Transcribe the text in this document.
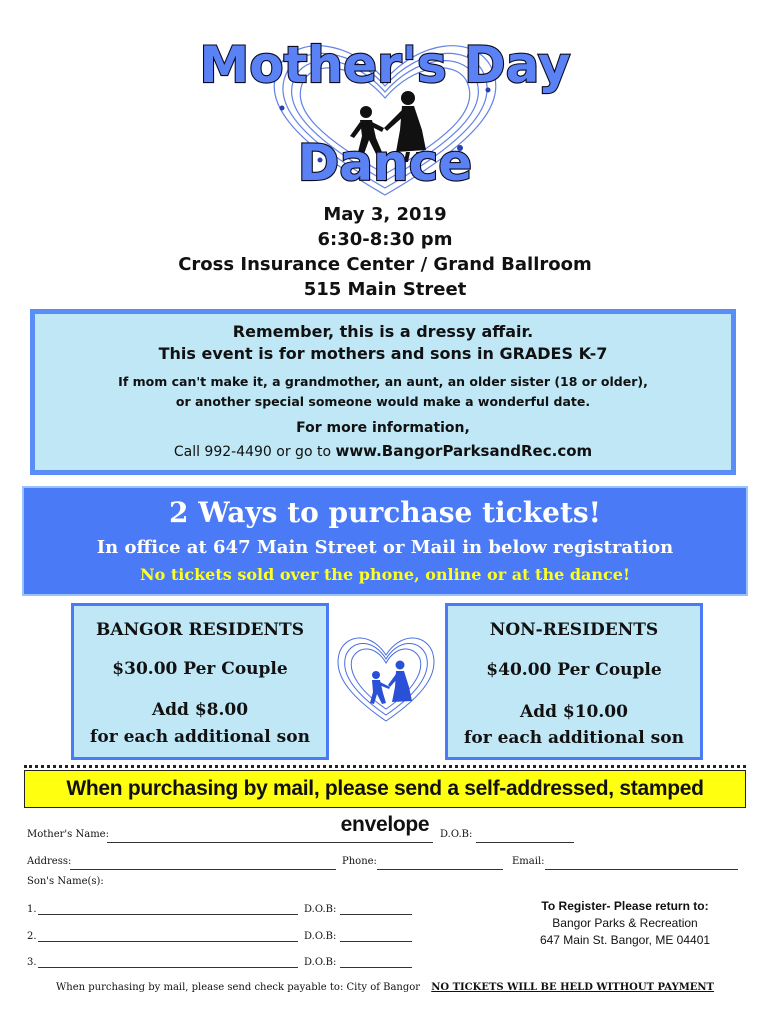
Mother's Day
Dance
May 3, 2019
6:30-8:30 pm
Cross Insurance Center / Grand Ballroom
515 Main Street
Remember, this is a dressy affair.
This event is for mothers and sons in GRADES K-7
If mom can't make it, a grandmother, an aunt, an older sister (18 or older),
or another special someone would make a wonderful date.
For more information,
Call 992-4490 or go to www.BangorParksandRec.com
2 Ways to purchase tickets!
In office at 647 Main Street or Mail in below registration
No tickets sold over the phone, online or at the dance!
BANGOR RESIDENTS
$30.00 Per Couple
Add $8.00
for each additional son
NON-RESIDENTS
$40.00 Per Couple
Add $10.00
for each additional son
When purchasing by mail, please send a self-addressed, stamped envelope
Mother's Name:	D.O.B:
Address:	Phone:	Email:
Son's Name(s):
1.	D.O.B:
2.	D.O.B:
3.	D.O.B:
To Register- Please return to:
Bangor Parks & Recreation
647 Main St. Bangor, ME 04401
When purchasing by mail, please send check payable to: City of Bangor NO TICKETS WILL BE HELD WITHOUT PAYMENT
